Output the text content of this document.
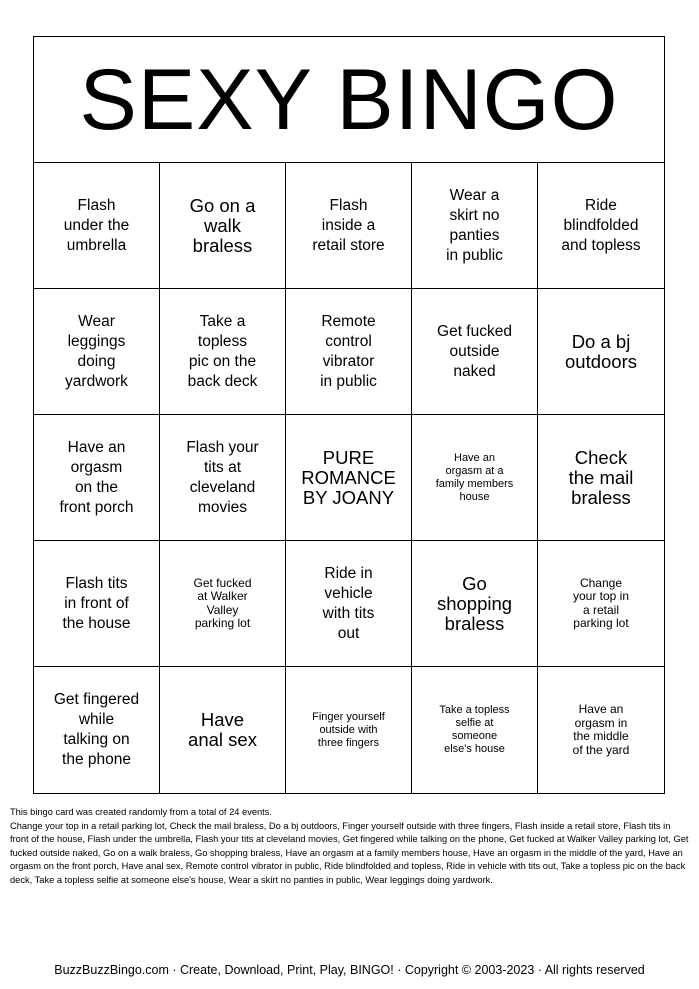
SEXY BINGO
Flash
under the
umbrella
Go on a
walk
braless
Flash
inside a
retail store
Wear a
skirt no
panties
in public
Ride
blindfolded
and topless
Wear
leggings
doing
yardwork
Take a
topless
pic on the
back deck
Remote
control
vibrator
in public
Get fucked
outside
naked
Do a bj
outdoors
Have an
orgasm
on the
front porch
Flash your
tits at
cleveland
movies
PURE
ROMANCE
BY JOANY
Have an
orgasm at a
family members
house
Check
the mail
braless
Flash tits
in front of
the house
Get fucked
at Walker
Valley
parking lot
Ride in
vehicle
with tits
out
Go
shopping
braless
Change
your top in
a retail
parking lot
Get fingered
while
talking on
the phone
Have
anal sex
Finger yourself
outside with
three fingers
Take a topless
selfie at
someone
else's house
Have an
orgasm in
the middle
of the yard
This bingo card was created randomly from a total of 24 events.
Change your top in a retail parking lot, Check the mail braless, Do a bj outdoors, Finger yourself outside with three fingers, Flash inside a retail store, Flash tits in front of the house, Flash under the umbrella, Flash your tits at cleveland movies, Get fingered while talking on the phone, Get fucked at Walker Valley parking lot, Get fucked outside naked, Go on a walk braless, Go shopping braless, Have an orgasm at a family members house, Have an orgasm in the middle of the yard, Have an orgasm on the front porch, Have anal sex, Remote control vibrator in public, Ride blindfolded and topless, Ride in vehicle with tits out, Take a topless pic on the back deck, Take a topless selfie at someone else's house, Wear a skirt no panties in public, Wear leggings doing yardwork.
BuzzBuzzBingo.com · Create, Download, Print, Play, BINGO! · Copyright © 2003-2023 · All rights reserved
